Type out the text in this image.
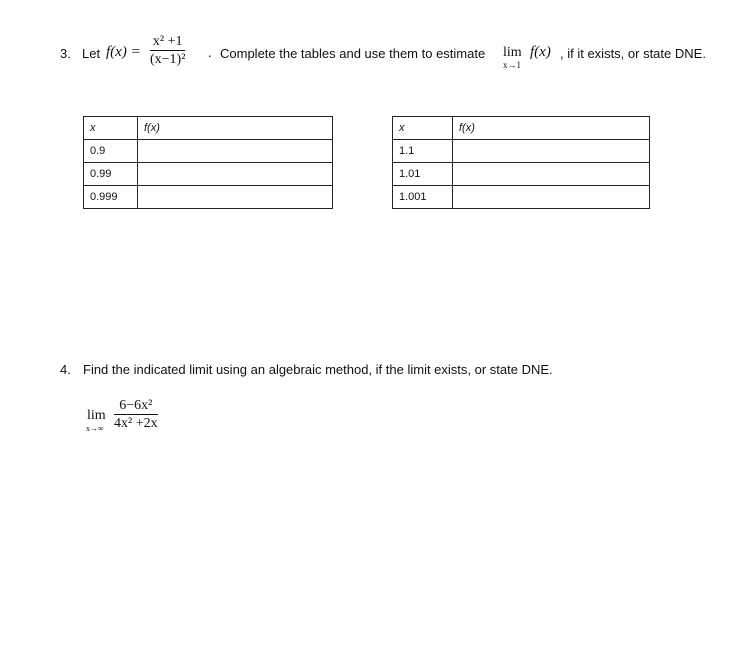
3. Let f(x) =
x² +1
(x−1)² . Complete the tables and use them to estimate lim
x→1
f(x) , if it exists, or state DNE.
x	f(x)
0.9	
0.99	
0.999	
x	f(x)
1.1	
1.01	
1.001	
4. Find the indicated limit using an algebraic method, if the limit exists, or state DNE.
lim
x→∞
6−6x²
4x² +2x
